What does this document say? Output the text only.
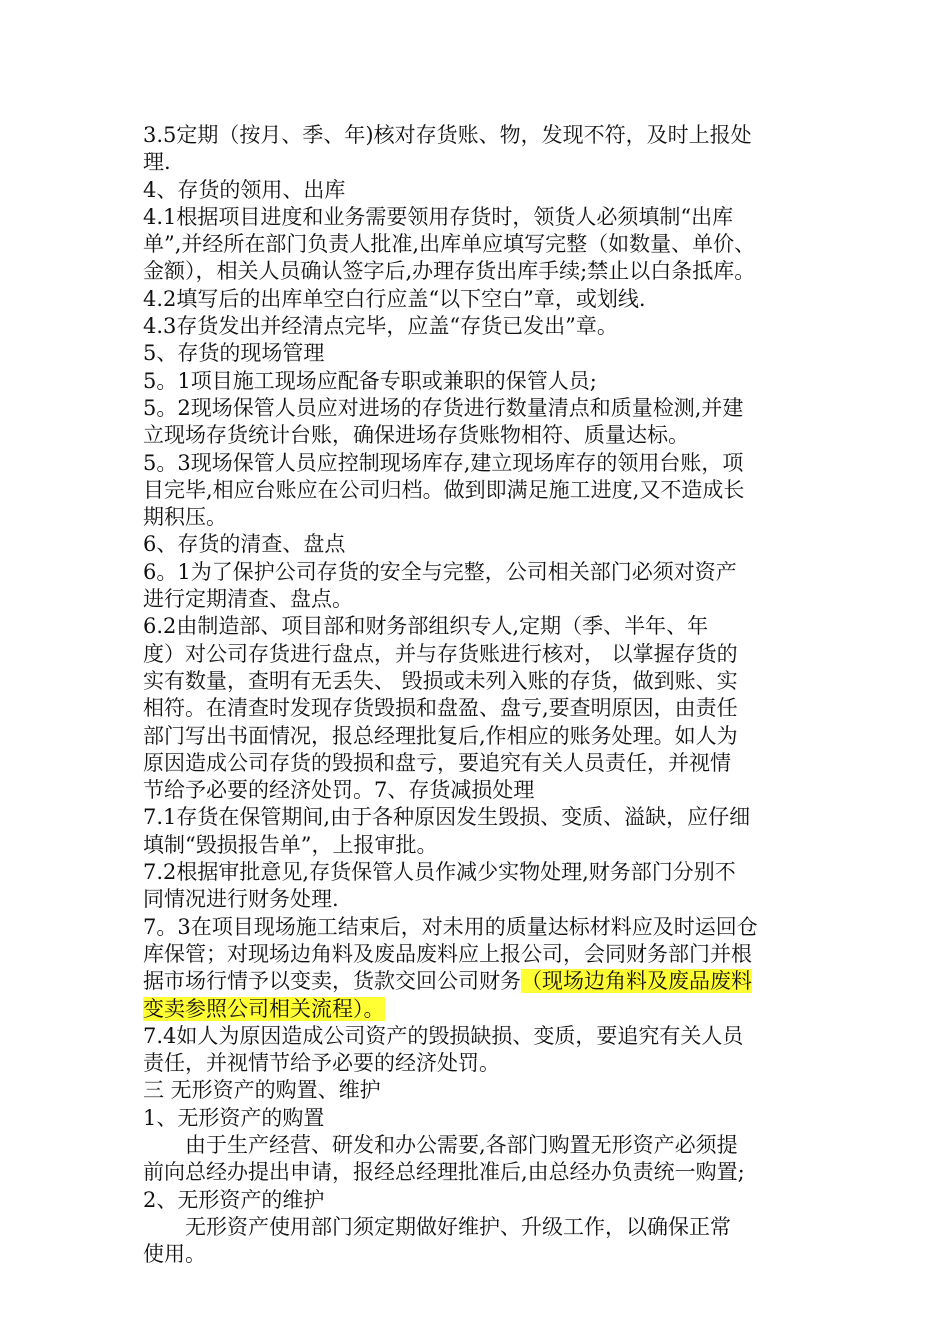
3.5定期（按月、季、年)核对存货账、物，发现不符，及时上报处
理.
4、存货的领用、出库
4.1根据项目进度和业务需要领用存货时，领货人必须填制“出库
单”,并经所在部门负责人批准,出库单应填写完整（如数量、单价、
金额），相关人员确认签字后,办理存货出库手续;禁止以白条抵库。
4.2填写后的出库单空白行应盖“以下空白”章，或划线.
4.3存货发出并经清点完毕，应盖“存货已发出”章。
5、存货的现场管理
5。1项目施工现场应配备专职或兼职的保管人员;
5。2现场保管人员应对进场的存货进行数量清点和质量检测,并建
立现场存货统计台账，确保进场存货账物相符、质量达标。
5。3现场保管人员应控制现场库存,建立现场库存的领用台账，项
目完毕,相应台账应在公司归档。做到即满足施工进度,又不造成长
期积压。
6、存货的清查、盘点
6。1为了保护公司存货的安全与完整，公司相关部门必须对资产
进行定期清查、盘点。
6.2由制造部、项目部和财务部组织专人,定期（季、半年、年
度）对公司存货进行盘点，并与存货账进行核对， 以掌握存货的
实有数量，查明有无丢失、 毁损或未列入账的存货，做到账、实
相符。在清查时发现存货毁损和盘盈、盘亏,要查明原因，由责任
部门写出书面情况，报总经理批复后,作相应的账务处理。如人为
原因造成公司存货的毁损和盘亏，要追究有关人员责任，并视情
节给予必要的经济处罚。7、存货减损处理
7.1存货在保管期间,由于各种原因发生毁损、变质、溢缺，应仔细
填制“毁损报告单”，上报审批。
7.2根据审批意见,存货保管人员作减少实物处理,财务部门分别不
同情况进行财务处理.
7。3在项目现场施工结束后，对未用的质量达标材料应及时运回仓
库保管；对现场边角料及废品废料应上报公司，会同财务部门并根
据市场行情予以变卖，货款交回公司财务（现场边角料及废品废料
变卖参照公司相关流程）。
7.4如人为原因造成公司资产的毁损缺损、变质，要追究有关人员
责任，并视情节给予必要的经济处罚。
三 无形资产的购置、维护
1、无形资产的购置
由于生产经营、研发和办公需要,各部门购置无形资产必须提
前向总经办提出申请，报经总经理批准后,由总经办负责统一购置;
2、无形资产的维护
无形资产使用部门须定期做好维护、升级工作，以确保正常
使用。
